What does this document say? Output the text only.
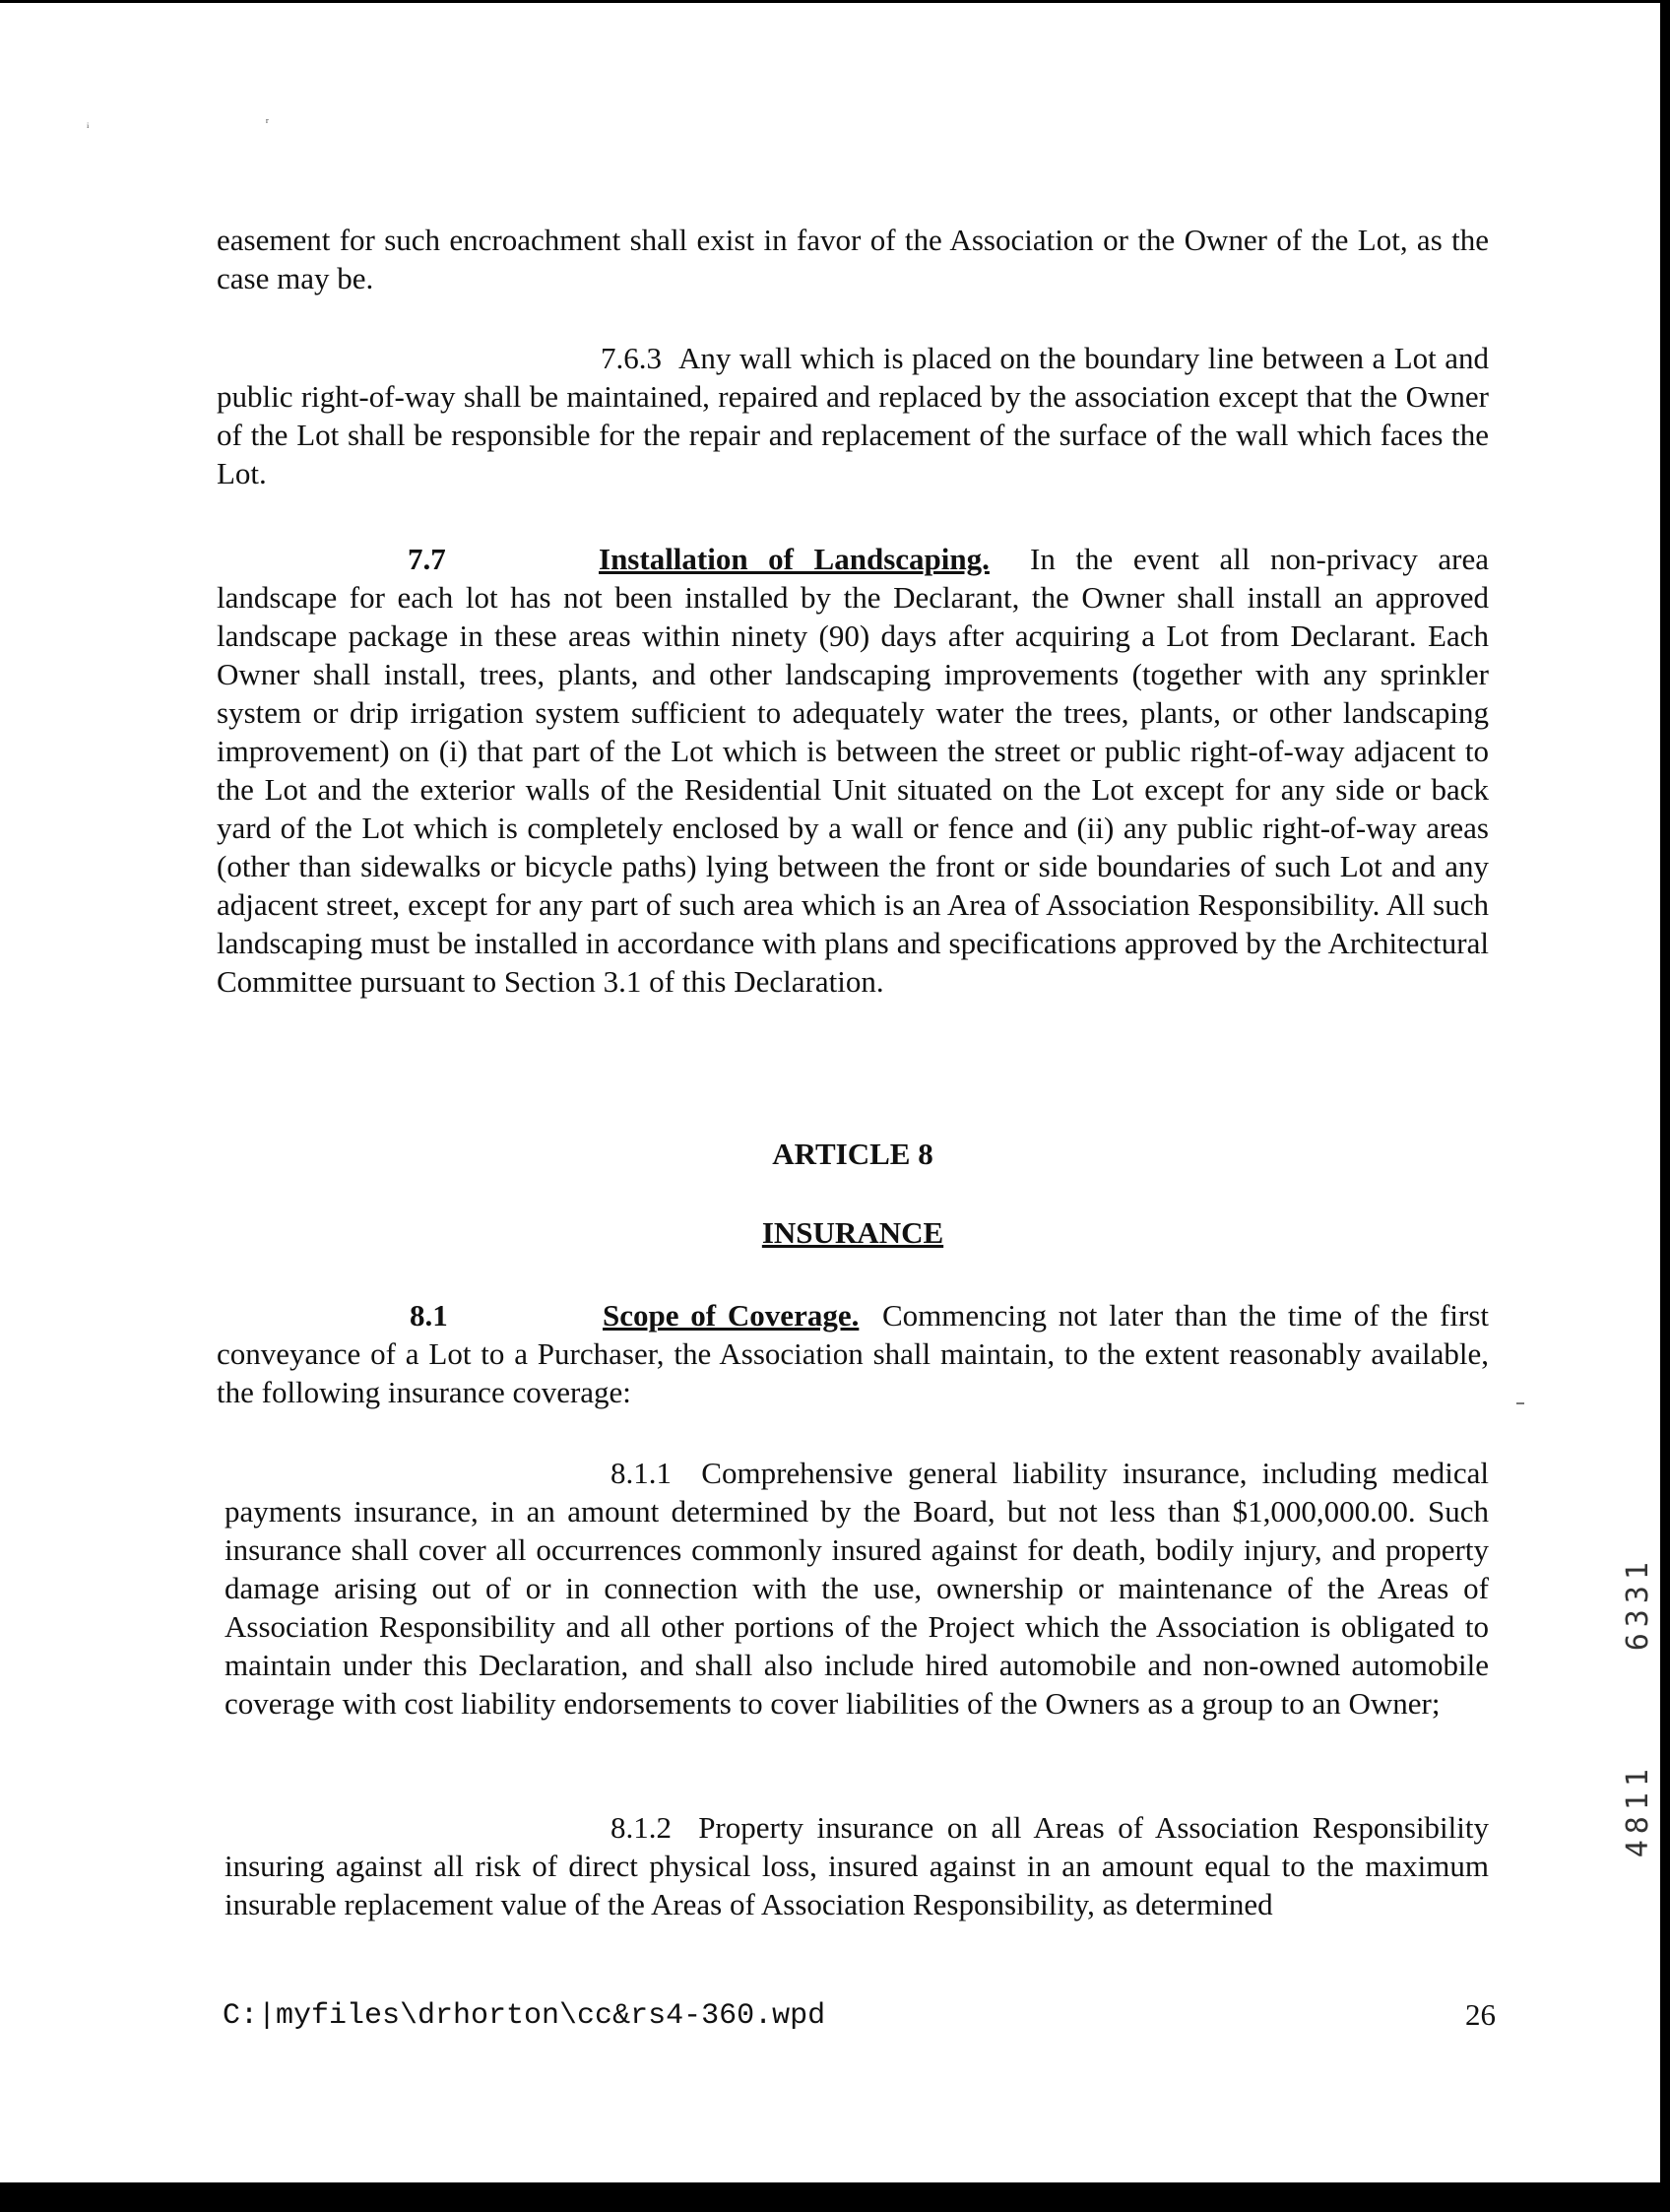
ᵢ ʳ

easement for such encroachment shall exist in favor of the Association or the Owner of the Lot, as the case may be.

7.6.3 Any wall which is placed on the boundary line between a Lot and public right-of-way shall be maintained, repaired and replaced by the association except that the Owner of the Lot shall be responsible for the repair and replacement of the surface of the wall which faces the Lot.

7.7	Installation of Landscaping. In the event all non-privacy area landscape for each lot has not been installed by the Declarant, the Owner shall install an approved landscape package in these areas within ninety (90) days after acquiring a Lot from Declarant. Each Owner shall install, trees, plants, and other landscaping improvements (together with any sprinkler system or drip irrigation system sufficient to adequately water the trees, plants, or other landscaping improvement) on (i) that part of the Lot which is between the street or public right-of-way adjacent to the Lot and the exterior walls of the Residential Unit situated on the Lot except for any side or back yard of the Lot which is completely enclosed by a wall or fence and (ii) any public right-of-way areas (other than sidewalks or bicycle paths) lying between the front or side boundaries of such Lot and any adjacent street, except for any part of such area which is an Area of Association Responsibility. All such landscaping must be installed in accordance with plans and specifications approved by the Architectural Committee pursuant to Section 3.1 of this Declaration.

ARTICLE 8
INSURANCE

8.1	Scope of Coverage. Commencing not later than the time of the first conveyance of a Lot to a Purchaser, the Association shall maintain, to the extent reasonably available, the following insurance coverage:

8.1.1 Comprehensive general liability insurance, including medical payments insurance, in an amount determined by the Board, but not less than $1,000,000.00. Such insurance shall cover all occurrences commonly insured against for death, bodily injury, and property damage arising out of or in connection with the use, ownership or maintenance of the Areas of Association Responsibility and all other portions of the Project which the Association is obligated to maintain under this Declaration, and shall also include hired automobile and non-owned automobile coverage with cost liability endorsements to cover liabilities of the Owners as a group to an Owner;

8.1.2 Property insurance on all Areas of Association Responsibility insuring against all risk of direct physical loss, insured against in an amount equal to the maximum insurable replacement value of the Areas of Association Responsibility, as determined

6331
4811
C:|myfiles\drhorton\cc&rs4-360.wpd	26
